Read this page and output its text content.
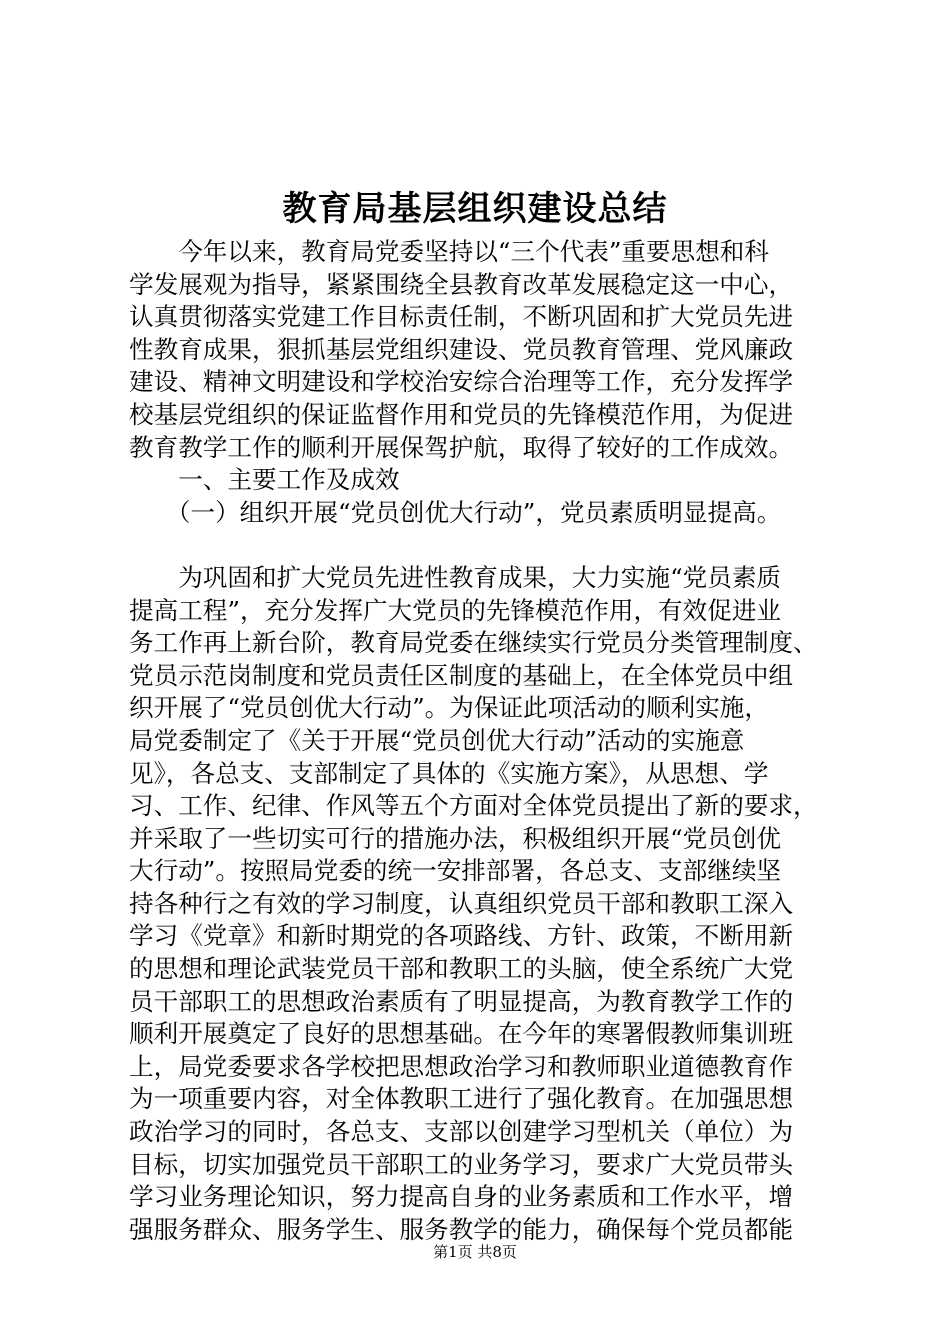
教育局基层组织建设总结
　　今年以来，教育局党委坚持以“三个代表”重要思想和科
学发展观为指导，紧紧围绕全县教育改革发展稳定这一中心，
认真贯彻落实党建工作目标责任制，不断巩固和扩大党员先进
性教育成果，狠抓基层党组织建设、党员教育管理、党风廉政
建设、精神文明建设和学校治安综合治理等工作，充分发挥学
校基层党组织的保证监督作用和党员的先锋模范作用，为促进
教育教学工作的顺利开展保驾护航，取得了较好的工作成效。
　　一、主要工作及成效
　　（一）组织开展“党员创优大行动”，党员素质明显提高。
　　为巩固和扩大党员先进性教育成果，大力实施“党员素质
提高工程”，充分发挥广大党员的先锋模范作用，有效促进业
务工作再上新台阶，教育局党委在继续实行党员分类管理制度、
党员示范岗制度和党员责任区制度的基础上，在全体党员中组
织开展了“党员创优大行动”。为保证此项活动的顺利实施，
局党委制定了《关于开展“党员创优大行动”活动的实施意
见》，各总支、支部制定了具体的《实施方案》，从思想、学
习、工作、纪律、作风等五个方面对全体党员提出了新的要求，
并采取了一些切实可行的措施办法，积极组织开展“党员创优
大行动”。按照局党委的统一安排部署，各总支、支部继续坚
持各种行之有效的学习制度，认真组织党员干部和教职工深入
学习《党章》和新时期党的各项路线、方针、政策，不断用新
的思想和理论武装党员干部和教职工的头脑，使全系统广大党
员干部职工的思想政治素质有了明显提高，为教育教学工作的
顺利开展奠定了良好的思想基础。在今年的寒署假教师集训班
上，局党委要求各学校把思想政治学习和教师职业道德教育作
为一项重要内容，对全体教职工进行了强化教育。在加强思想
政治学习的同时，各总支、支部以创建学习型机关（单位）为
目标，切实加强党员干部职工的业务学习，要求广大党员带头
学习业务理论知识，努力提高自身的业务素质和工作水平，增
强服务群众、服务学生、服务教学的能力，确保每个党员都能
第1页 共8页
